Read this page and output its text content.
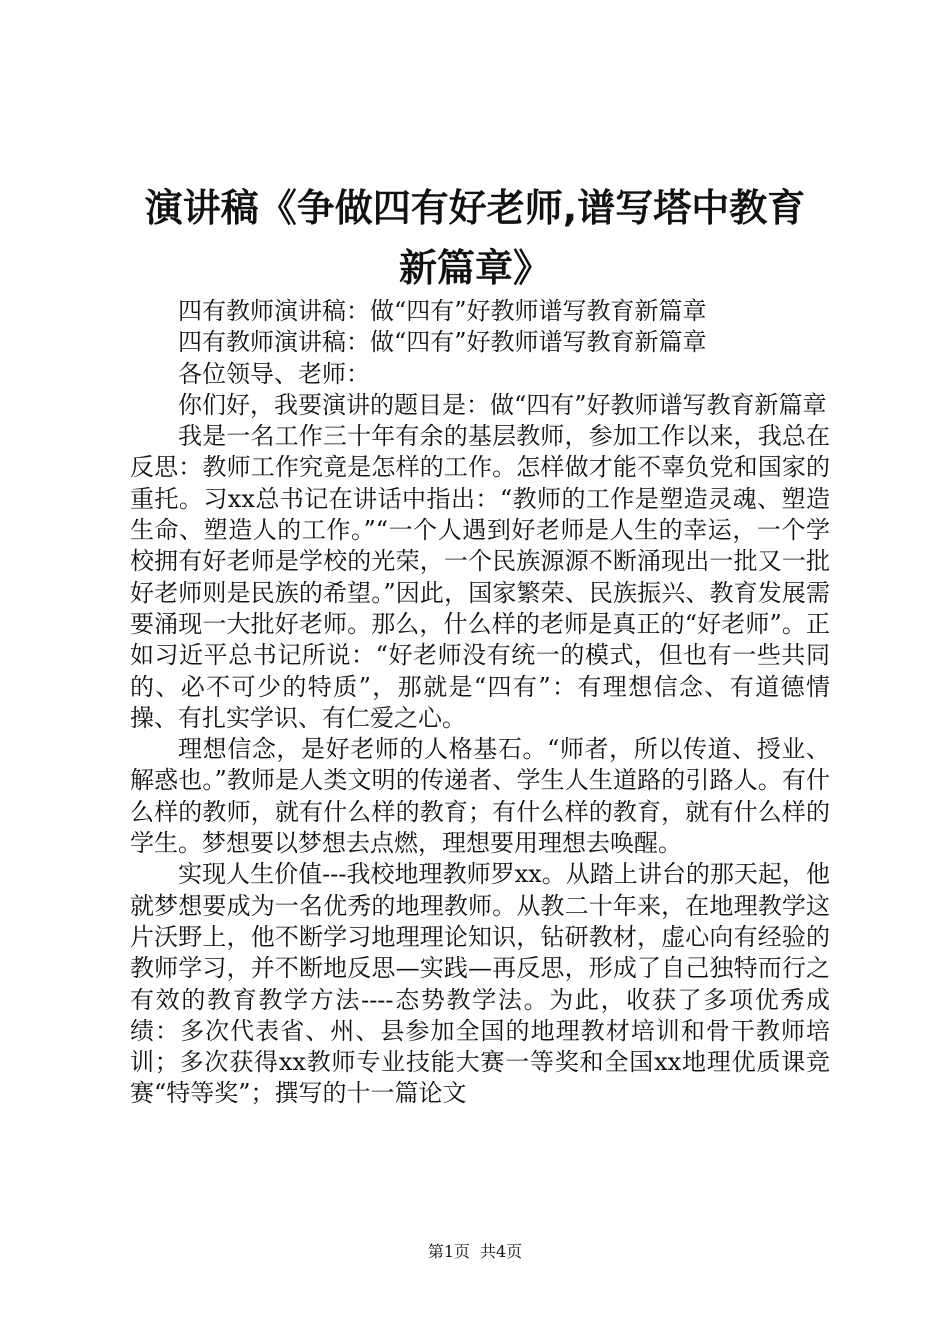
演讲稿《争做四有好老师,谱写塔中教育新篇章》

四有教师演讲稿：做“四有”好教师谱写教育新篇章

四有教师演讲稿：做“四有”好教师谱写教育新篇章

各位领导、老师：

你们好，我要演讲的题目是：做“四有”好教师谱写教育新篇章

我是一名工作三十年有余的基层教师，参加工作以来，我总在反思：教师工作究竟是怎样的工作。怎样做才能不辜负党和国家的重托。习xx总书记在讲话中指出：“教师的工作是塑造灵魂、塑造生命、塑造人的工作。”“一个人遇到好老师是人生的幸运，一个学校拥有好老师是学校的光荣，一个民族源源不断涌现出一批又一批好老师则是民族的希望。”因此，国家繁荣、民族振兴、教育发展需要涌现一大批好老师。那么，什么样的老师是真正的“好老师”。正如习近平总书记所说：“好老师没有统一的模式，但也有一些共同的、必不可少的特质”，那就是“四有”：有理想信念、有道德情操、有扎实学识、有仁爱之心。

理想信念，是好老师的人格基石。“师者，所以传道、授业、解惑也。”教师是人类文明的传递者、学生人生道路的引路人。有什么样的教师，就有什么样的教育；有什么样的教育，就有什么样的学生。梦想要以梦想去点燃，理想要用理想去唤醒。

实现人生价值---我校地理教师罗xx。从踏上讲台的那天起，他就梦想要成为一名优秀的地理教师。从教二十年来，在地理教学这片沃野上，他不断学习地理理论知识，钻研教材，虚心向有经验的教师学习，并不断地反思—实践—再反思，形成了自己独特而行之有效的教育教学方法----态势教学法。为此，收获了多项优秀成绩：多次代表省、州、县参加全国的地理教材培训和骨干教师培训；多次获得xx教师专业技能大赛一等奖和全国xx地理优质课竞赛“特等奖”；撰写的十一篇论文

第1页 共4页
